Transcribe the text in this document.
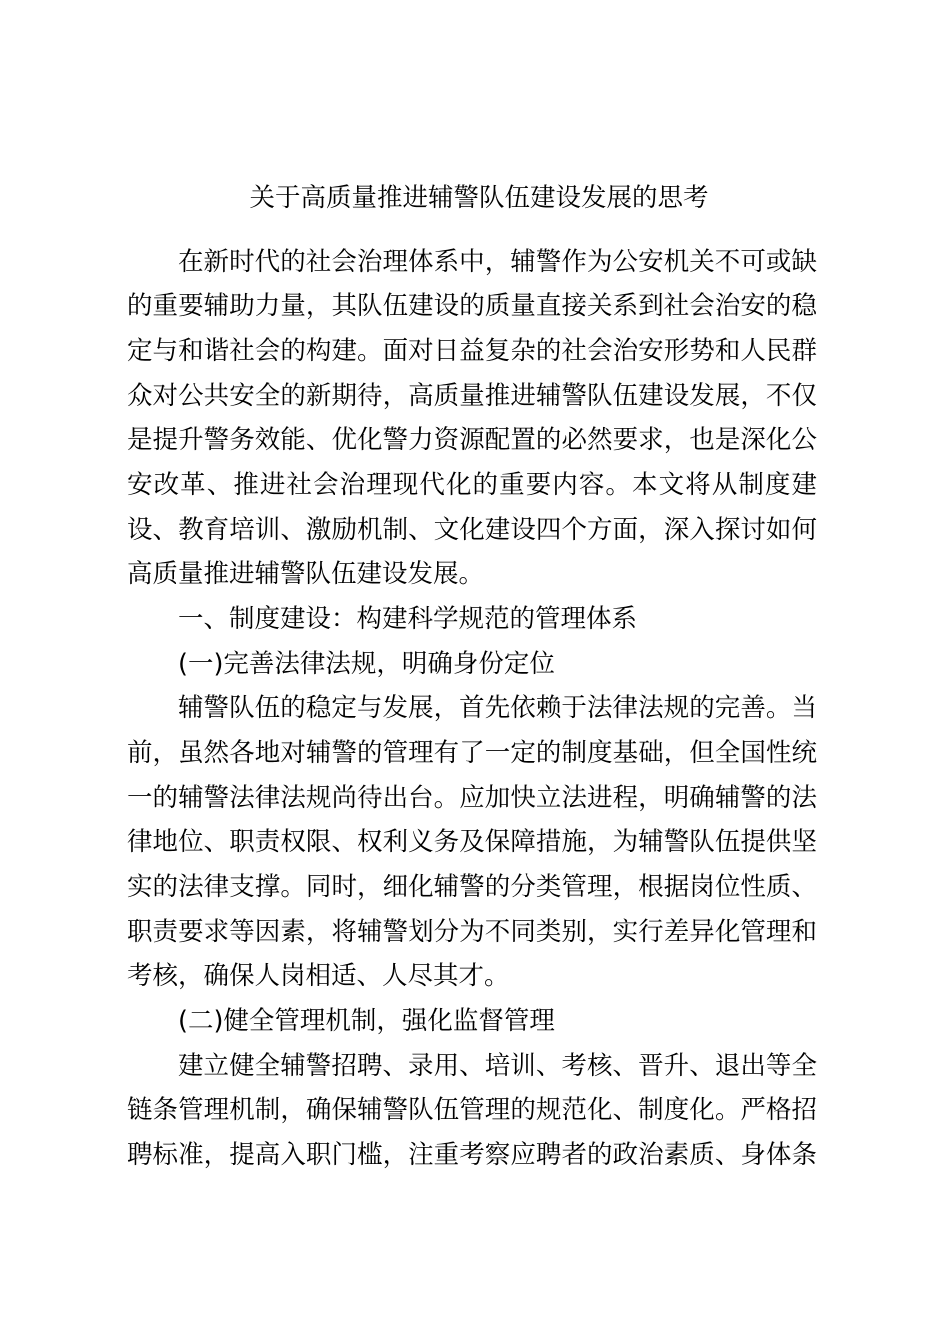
关于高质量推进辅警队伍建设发展的思考

在新时代的社会治理体系中，辅警作为公安机关不可或缺

的重要辅助力量，其队伍建设的质量直接关系到社会治安的稳

定与和谐社会的构建。面对日益复杂的社会治安形势和人民群

众对公共安全的新期待，高质量推进辅警队伍建设发展，不仅

是提升警务效能、优化警力资源配置的必然要求，也是深化公

安改革、推进社会治理现代化的重要内容。本文将从制度建

设、教育培训、激励机制、文化建设四个方面，深入探讨如何

高质量推进辅警队伍建设发展。

一、制度建设：构建科学规范的管理体系

(一)完善法律法规，明确身份定位

辅警队伍的稳定与发展，首先依赖于法律法规的完善。当

前，虽然各地对辅警的管理有了一定的制度基础，但全国性统

一的辅警法律法规尚待出台。应加快立法进程，明确辅警的法

律地位、职责权限、权利义务及保障措施，为辅警队伍提供坚

实的法律支撑。同时，细化辅警的分类管理，根据岗位性质、

职责要求等因素，将辅警划分为不同类别，实行差异化管理和

考核，确保人岗相适、人尽其才。

(二)健全管理机制，强化监督管理

建立健全辅警招聘、录用、培训、考核、晋升、退出等全

链条管理机制，确保辅警队伍管理的规范化、制度化。严格招

聘标准，提高入职门槛，注重考察应聘者的政治素质、身体条
